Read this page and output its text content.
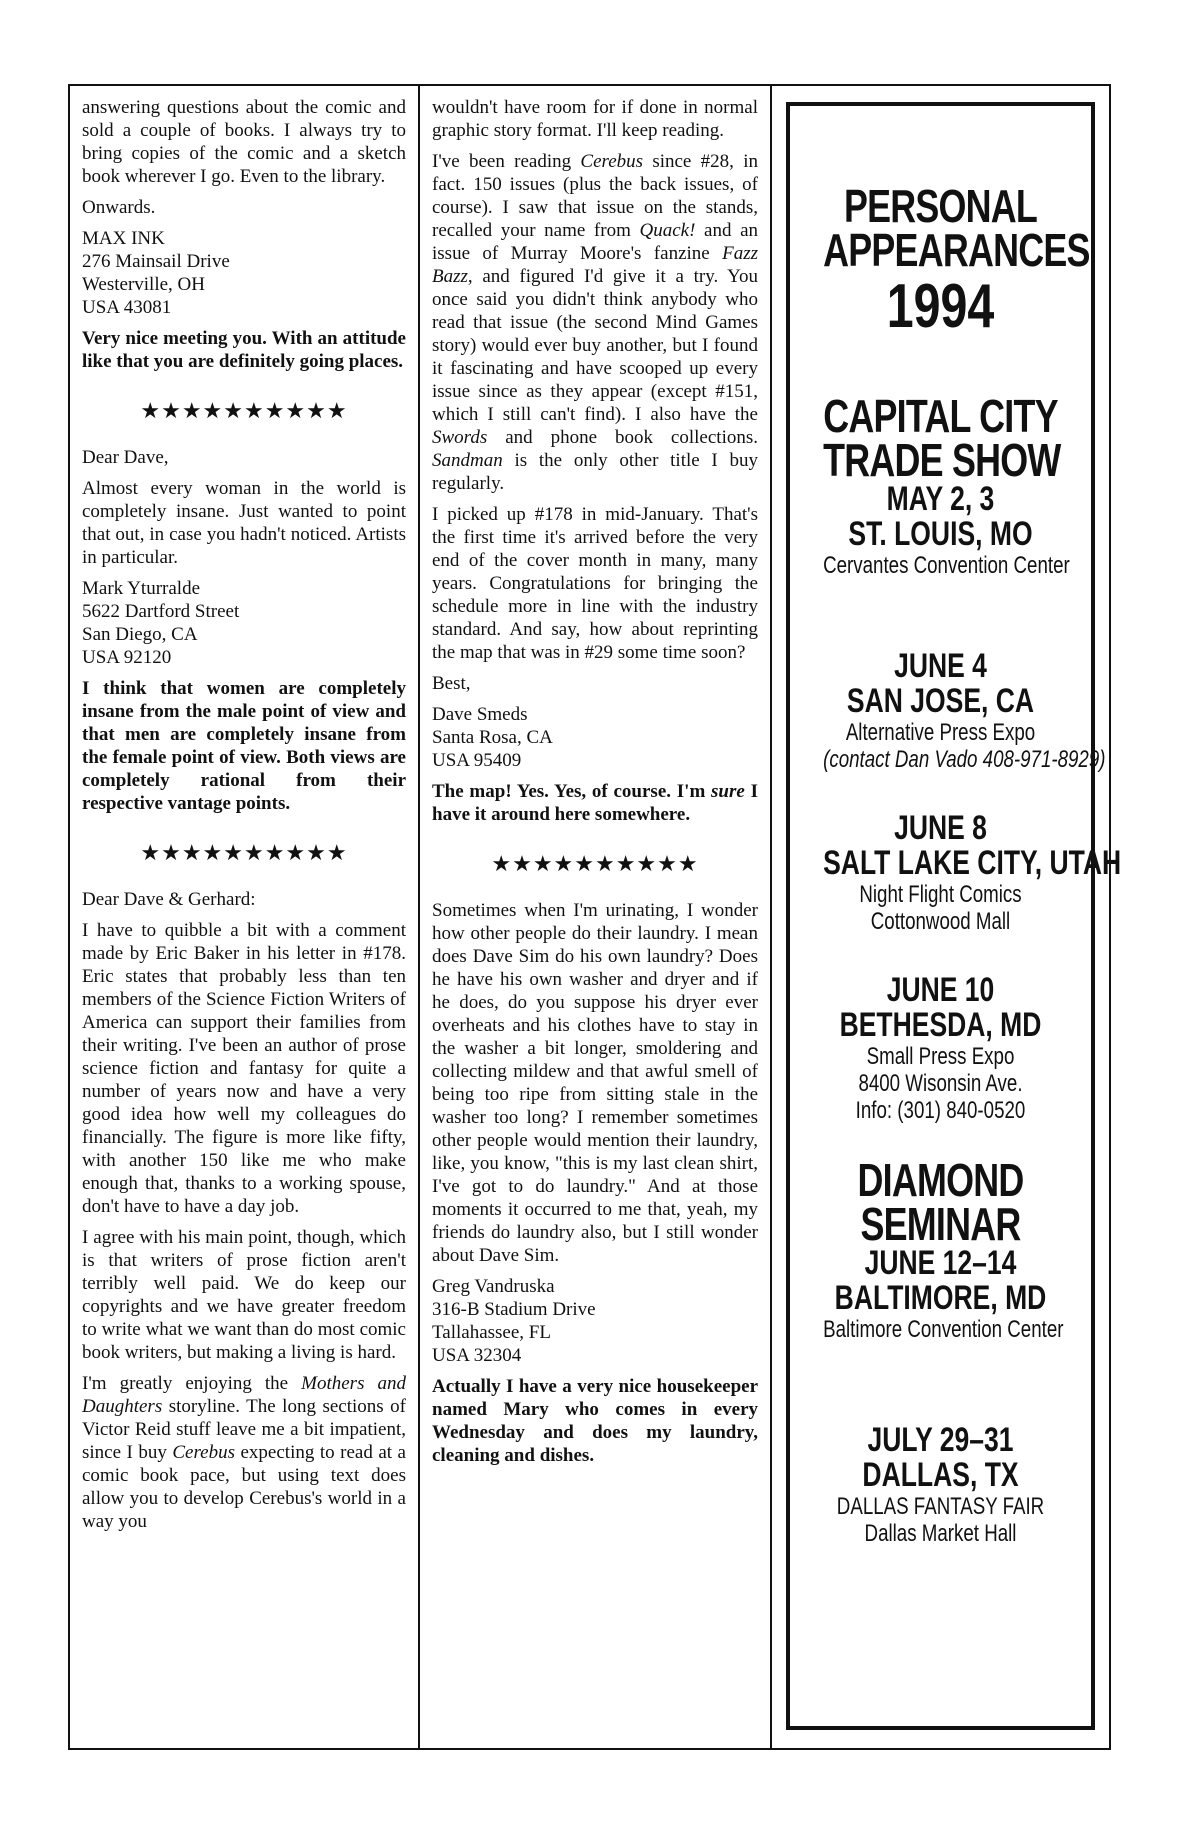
answering questions about the comic and sold a couple of books. I always try to bring copies of the comic and a sketch book wherever I go. Even to the library.

Onwards.

MAX INK
276 Mainsail Drive
Westerville, OH
USA 43081

Very nice meeting you. With an attitude like that you are definitely going places.

★★★★★★★★★★

Dear Dave,

Almost every woman in the world is completely insane. Just wanted to point that out, in case you hadn't noticed. Artists in particular.

Mark Yturralde
5622 Dartford Street
San Diego, CA
USA 92120

I think that women are completely insane from the male point of view and that men are completely insane from the female point of view. Both views are completely rational from their respective vantage points.

★★★★★★★★★★

Dear Dave & Gerhard:

I have to quibble a bit with a comment made by Eric Baker in his letter in #178. Eric states that probably less than ten members of the Science Fiction Writers of America can support their families from their writing. I've been an author of prose science fiction and fantasy for quite a number of years now and have a very good idea how well my colleagues do financially. The figure is more like fifty, with another 150 like me who make enough that, thanks to a working spouse, don't have to have a day job.

I agree with his main point, though, which is that writers of prose fiction aren't terribly well paid. We do keep our copyrights and we have greater freedom to write what we want than do most comic book writers, but making a living is hard.

I'm greatly enjoying the Mothers and Daughters storyline. The long sections of Victor Reid stuff leave me a bit impatient, since I buy Cerebus expecting to read at a comic book pace, but using text does allow you to develop Cerebus's world in a way you

wouldn't have room for if done in normal graphic story format. I'll keep reading.

I've been reading Cerebus since #28, in fact. 150 issues (plus the back issues, of course). I saw that issue on the stands, recalled your name from Quack! and an issue of Murray Moore's fanzine Fazz Bazz, and figured I'd give it a try. You once said you didn't think anybody who read that issue (the second Mind Games story) would ever buy another, but I found it fascinating and have scooped up every issue since as they appear (except #151, which I still can't find). I also have the Swords and phone book collections. Sandman is the only other title I buy regularly.

I picked up #178 in mid-January. That's the first time it's arrived before the very end of the cover month in many, many years. Congratulations for bringing the schedule more in line with the industry standard. And say, how about reprinting the map that was in #29 some time soon?

Best,

Dave Smeds
Santa Rosa, CA
USA 95409

The map! Yes. Yes, of course. I'm sure I have it around here somewhere.

★★★★★★★★★★

Sometimes when I'm urinating, I wonder how other people do their laundry. I mean does Dave Sim do his own laundry? Does he have his own washer and dryer and if he does, do you suppose his dryer ever overheats and his clothes have to stay in the washer a bit longer, smoldering and collecting mildew and that awful smell of being too ripe from sitting stale in the washer too long? I remember sometimes other people would mention their laundry, like, you know, "this is my last clean shirt, I've got to do laundry." And at those moments it occurred to me that, yeah, my friends do laundry also, but I still wonder about Dave Sim.

Greg Vandruska
316-B Stadium Drive
Tallahassee, FL
USA 32304

Actually I have a very nice housekeeper named Mary who comes in every Wednesday and does my laundry, cleaning and dishes.

PERSONAL
APPEARANCES
1994
CAPITAL CITY
TRADE SHOW
MAY 2, 3
ST. LOUIS, MO
Cervantes Convention Center
JUNE 4
SAN JOSE, CA
Alternative Press Expo
(contact Dan Vado 408-971-8929)
JUNE 8
SALT LAKE CITY, UTAH
Night Flight Comics
Cottonwood Mall
JUNE 10
BETHESDA, MD
Small Press Expo
8400 Wisonsin Ave.
Info: (301) 840-0520
DIAMOND
SEMINAR
JUNE 12–14
BALTIMORE, MD
Baltimore Convention Center
JULY 29–31
DALLAS, TX
DALLAS FANTASY FAIR
Dallas Market Hall
